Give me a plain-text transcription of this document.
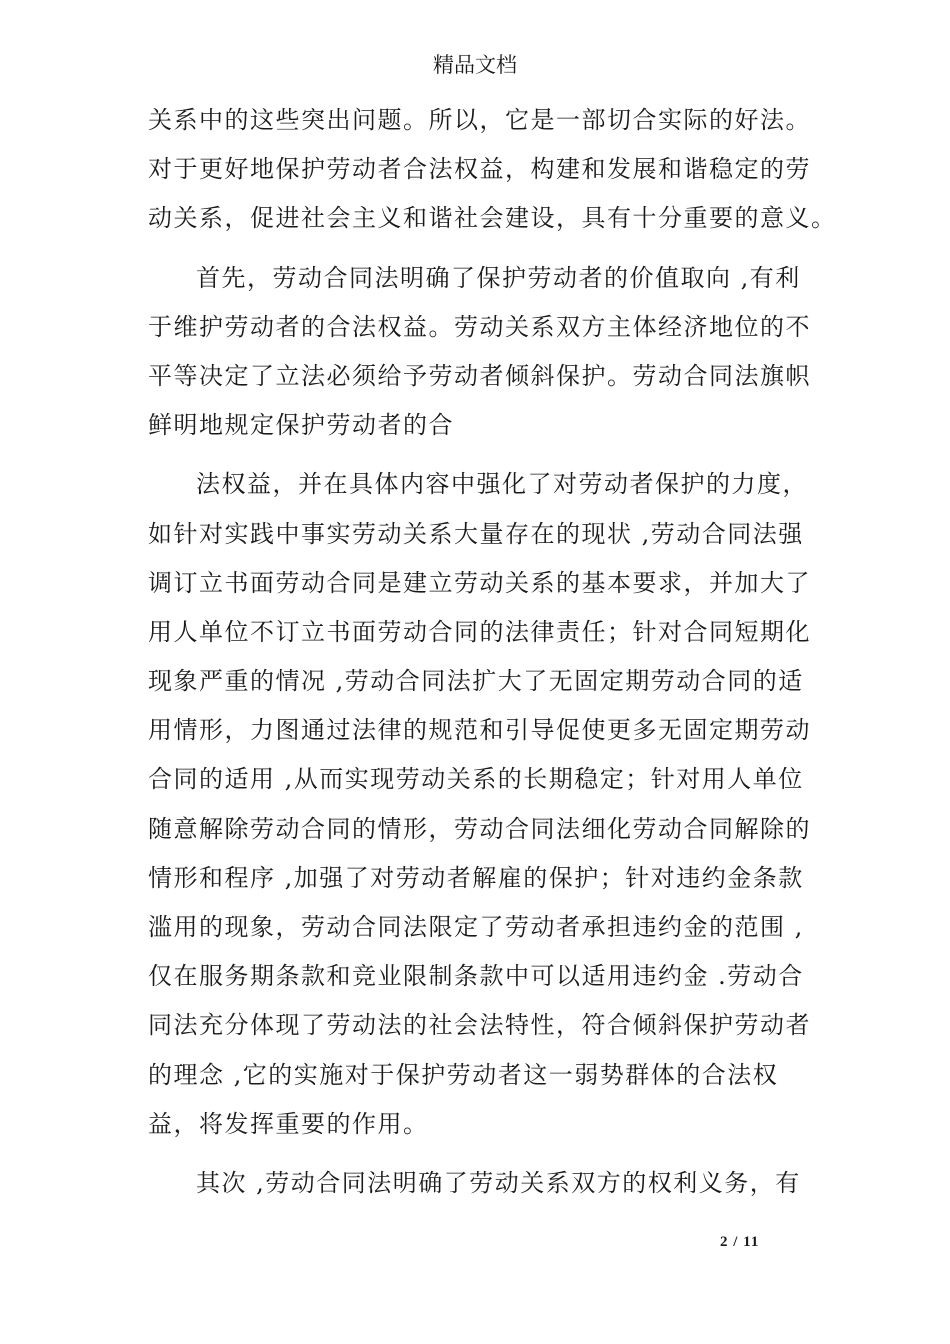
精品文档
关系中的这些突出问题。所以，它是一部切合实际的好法。
对于更好地保护劳动者合法权益，构建和发展和谐稳定的劳
动关系，促进社会主义和谐社会建设，具有十分重要的意义。
首先，劳动合同法明确了保护劳动者的价值取向 ,有利
于维护劳动者的合法权益。劳动关系双方主体经济地位的不
平等决定了立法必须给予劳动者倾斜保护。劳动合同法旗帜
鲜明地规定保护劳动者的合
法权益，并在具体内容中强化了对劳动者保护的力度，
如针对实践中事实劳动关系大量存在的现状 ,劳动合同法强
调订立书面劳动合同是建立劳动关系的基本要求，并加大了
用人单位不订立书面劳动合同的法律责任；针对合同短期化
现象严重的情况 ,劳动合同法扩大了无固定期劳动合同的适
用情形，力图通过法律的规范和引导促使更多无固定期劳动
合同的适用 ,从而实现劳动关系的长期稳定；针对用人单位
随意解除劳动合同的情形，劳动合同法细化劳动合同解除的
情形和程序 ,加强了对劳动者解雇的保护；针对违约金条款
滥用的现象，劳动合同法限定了劳动者承担违约金的范围 ,
仅在服务期条款和竞业限制条款中可以适用违约金 .劳动合
同法充分体现了劳动法的社会法特性，符合倾斜保护劳动者
的理念 ,它的实施对于保护劳动者这一弱势群体的合法权
益，将发挥重要的作用。
其次 ,劳动合同法明确了劳动关系双方的权利义务，有
2 / 11
